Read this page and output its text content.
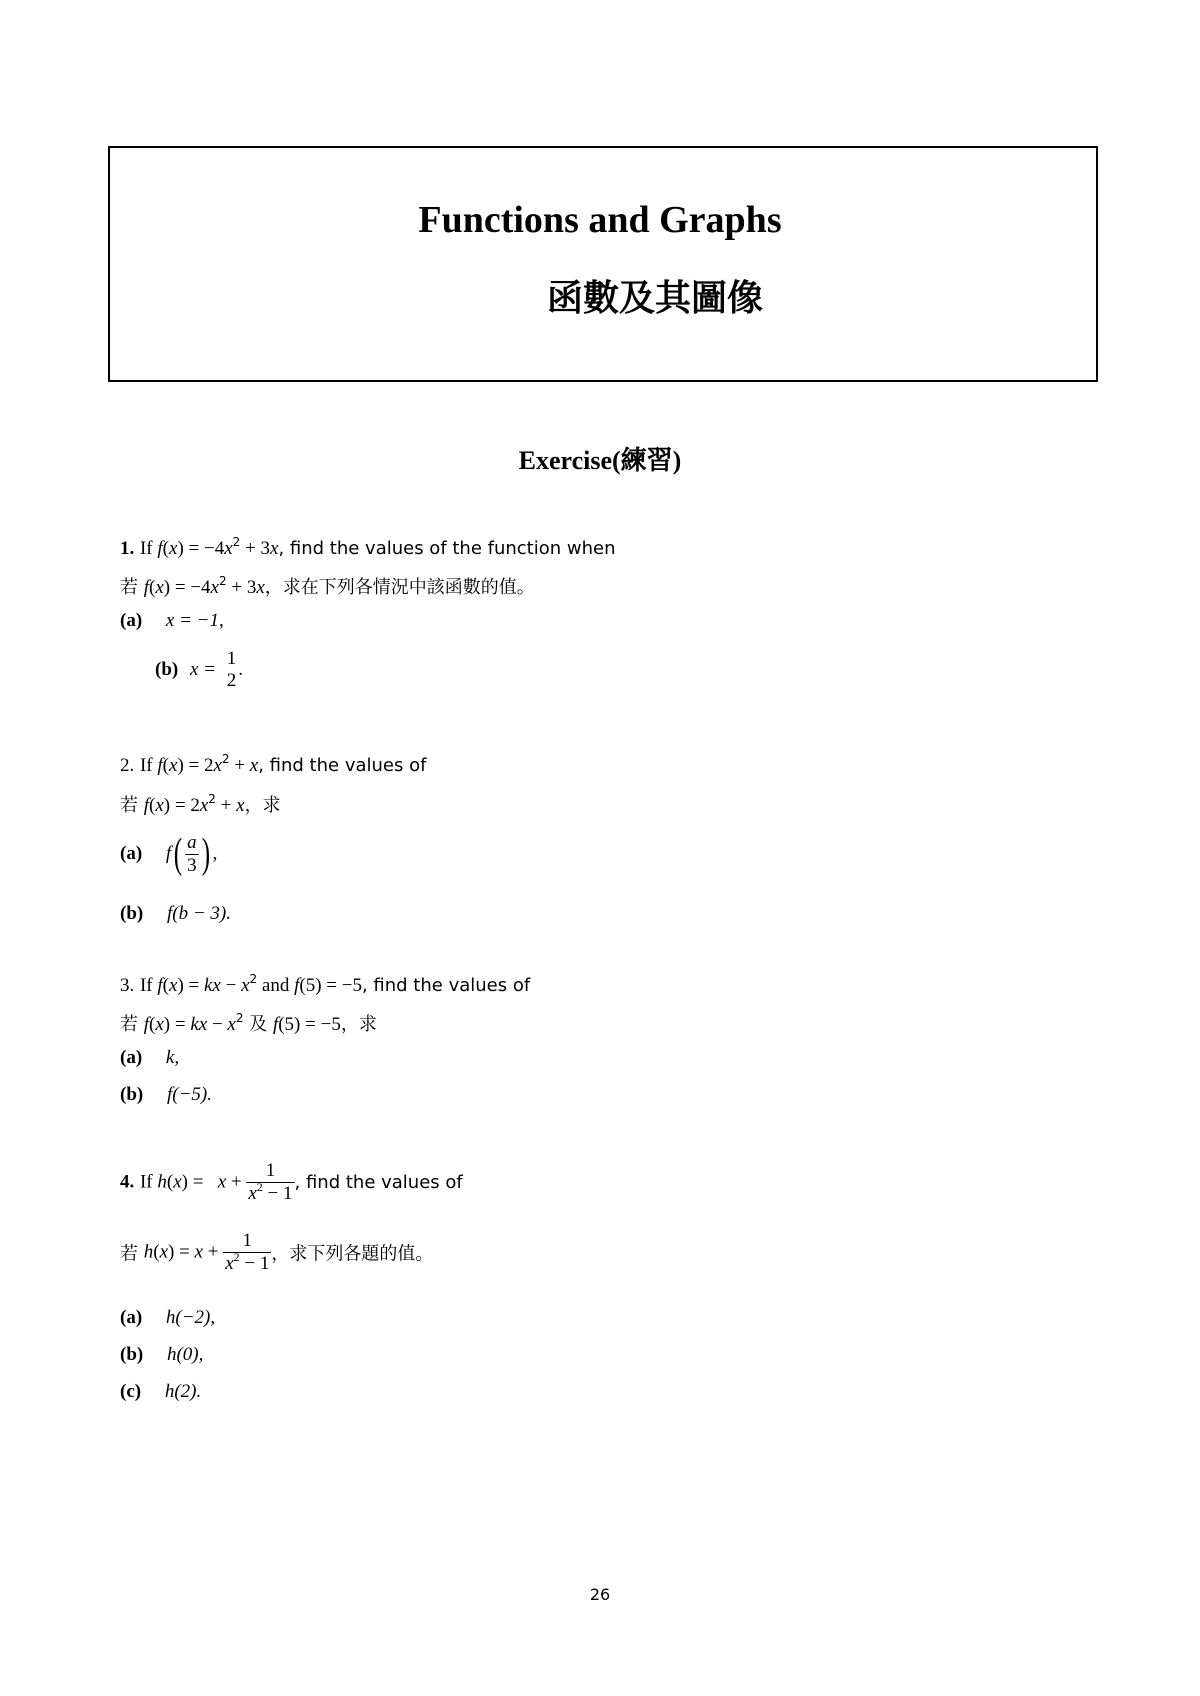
Functions and Graphs
函數及其圖像
Exercise(練習)
1. If $f(x) = -4x^2 + 3x$, find the values of the function when
若 $f(x) = -4x^2 + 3x$，求在下列各情況中該函數的值。
(a) x = −1,
(b) x =
1
2
.
2. If $f(x) = 2x^2 + x$, find the values of
若 $f(x) = 2x^2 + x$，求
(a) $f( \frac{a}{3}$ ) ,
(b) f(b − 3).
3. If f(x) = kx − $x^2$ and f(5) = −5, find the values of
若 f(x) = kx − $x^2$ 及 f(5) = −5，求
(a) k,
(b) f(−5).
4. If $h(x) = x + \frac{1}{x^2 - 1}$ , find the values of
若 $h(x) = x + \frac{1}{x^2 - 1}$ ，求下列各題的值。
(a) h(−2),
(b) h(0),
(c) h(2).
26
